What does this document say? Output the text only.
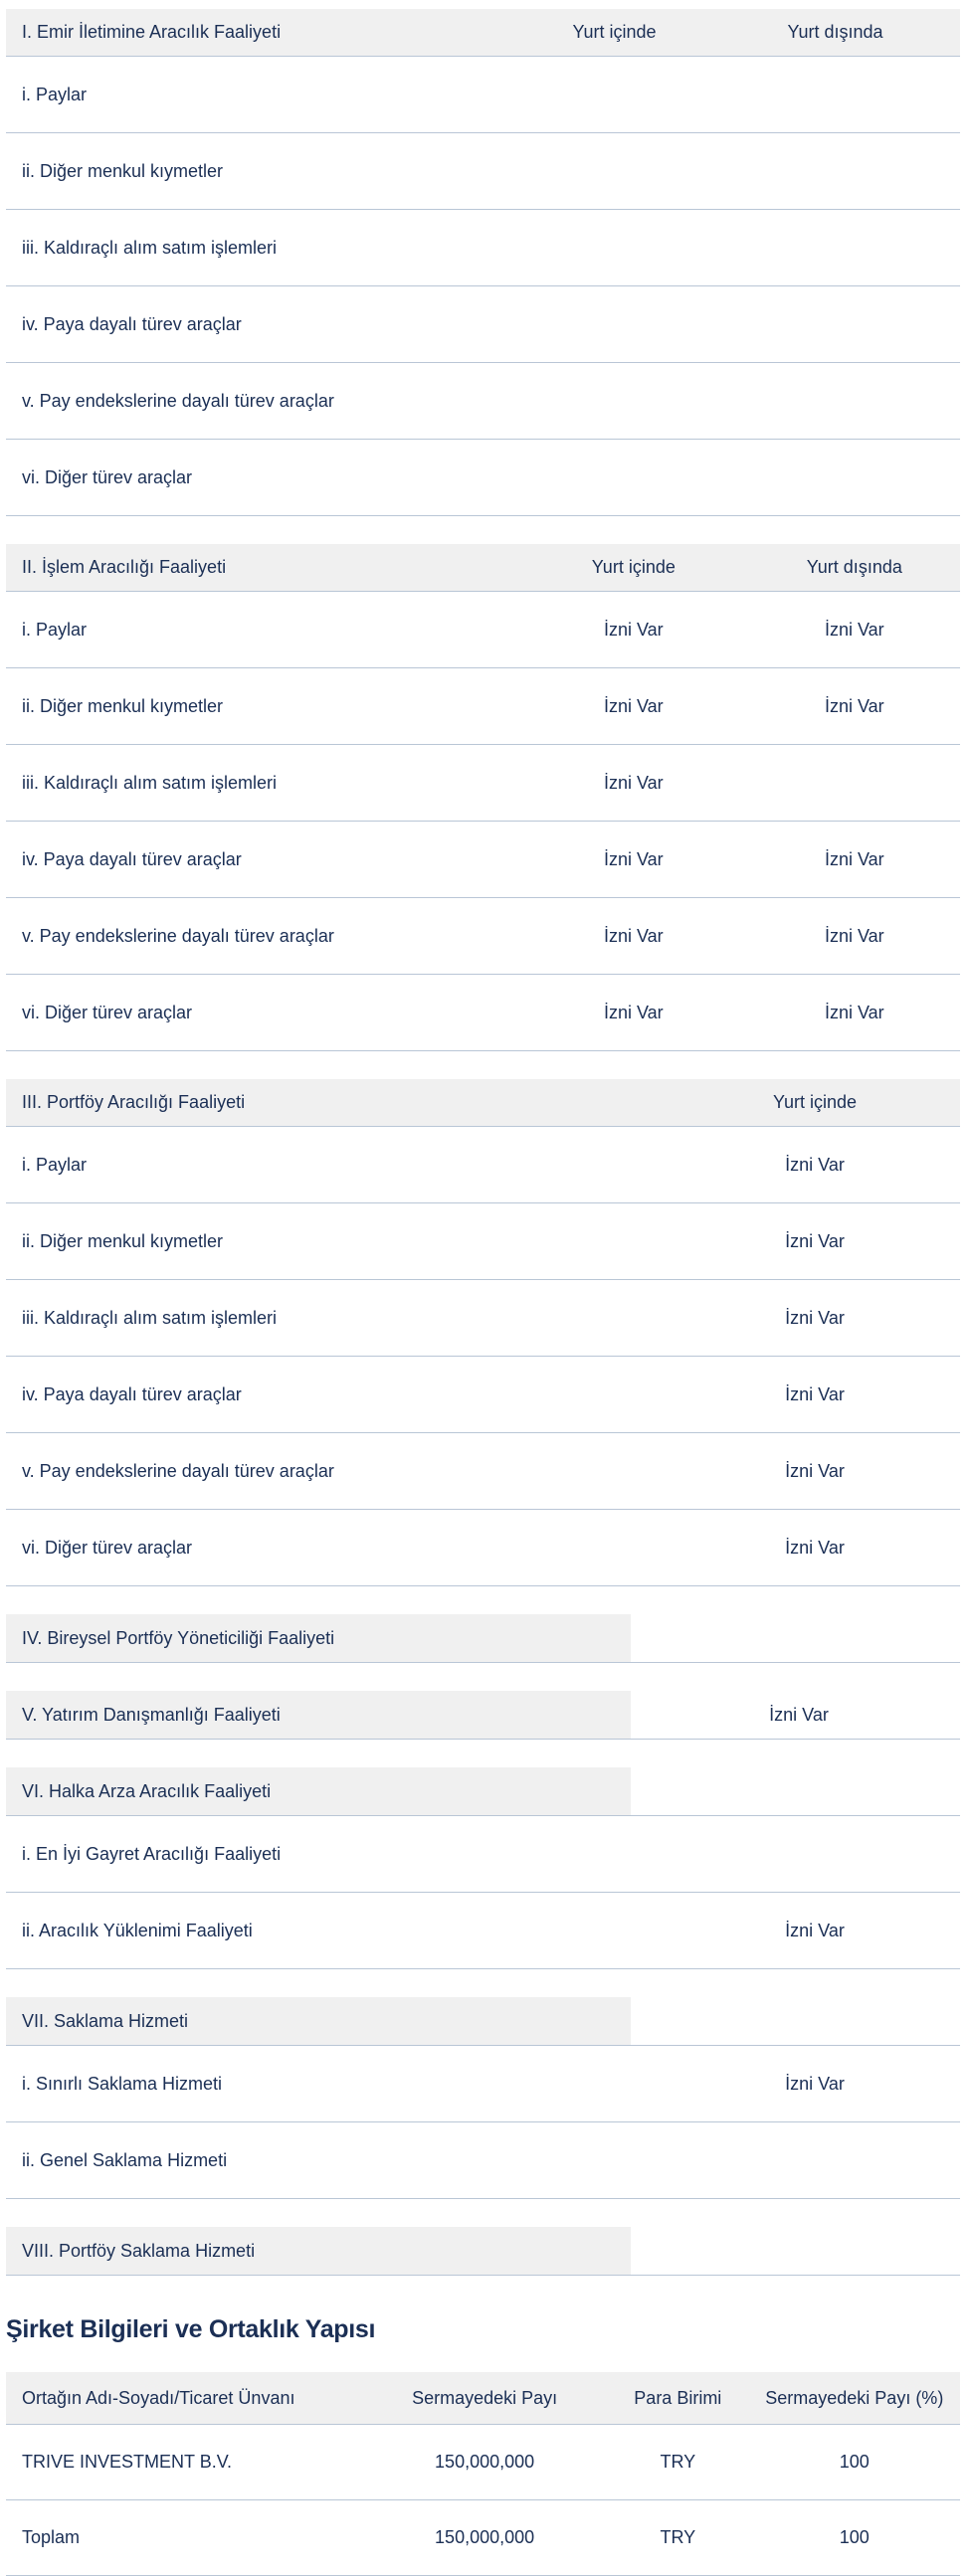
I. Emir İletimine Aracılık Faaliyeti	Yurt içinde	Yurt dışında
i. Paylar
ii. Diğer menkul kıymetler
iii. Kaldıraçlı alım satım işlemleri
iv. Paya dayalı türev araçlar
v. Pay endekslerine dayalı türev araçlar
vi. Diğer türev araçlar
II. İşlem Aracılığı Faaliyeti	Yurt içinde	Yurt dışında
i. Paylar	İzni Var	İzni Var
ii. Diğer menkul kıymetler	İzni Var	İzni Var
iii. Kaldıraçlı alım satım işlemleri	İzni Var
iv. Paya dayalı türev araçlar	İzni Var	İzni Var
v. Pay endekslerine dayalı türev araçlar	İzni Var	İzni Var
vi. Diğer türev araçlar	İzni Var	İzni Var
III. Portföy Aracılığı Faaliyeti	Yurt içinde
i. Paylar	İzni Var
ii. Diğer menkul kıymetler	İzni Var
iii. Kaldıraçlı alım satım işlemleri	İzni Var
iv. Paya dayalı türev araçlar	İzni Var
v. Pay endekslerine dayalı türev araçlar	İzni Var
vi. Diğer türev araçlar	İzni Var
IV. Bireysel Portföy Yöneticiliği Faaliyeti
V. Yatırım Danışmanlığı Faaliyeti	İzni Var
VI. Halka Arza Aracılık Faaliyeti
i. En İyi Gayret Aracılığı Faaliyeti
ii. Aracılık Yüklenimi Faaliyeti	İzni Var
VII. Saklama Hizmeti
i. Sınırlı Saklama Hizmeti	İzni Var
ii. Genel Saklama Hizmeti
VIII. Portföy Saklama Hizmeti
Şirket Bilgileri ve Ortaklık Yapısı
Ortağın Adı-Soyadı/Ticaret Ünvanı	Sermayedeki Payı	Para Birimi	Sermayedeki Payı (%)
TRIVE INVESTMENT B.V.	150,000,000	TRY	100
Toplam	150,000,000	TRY	100
